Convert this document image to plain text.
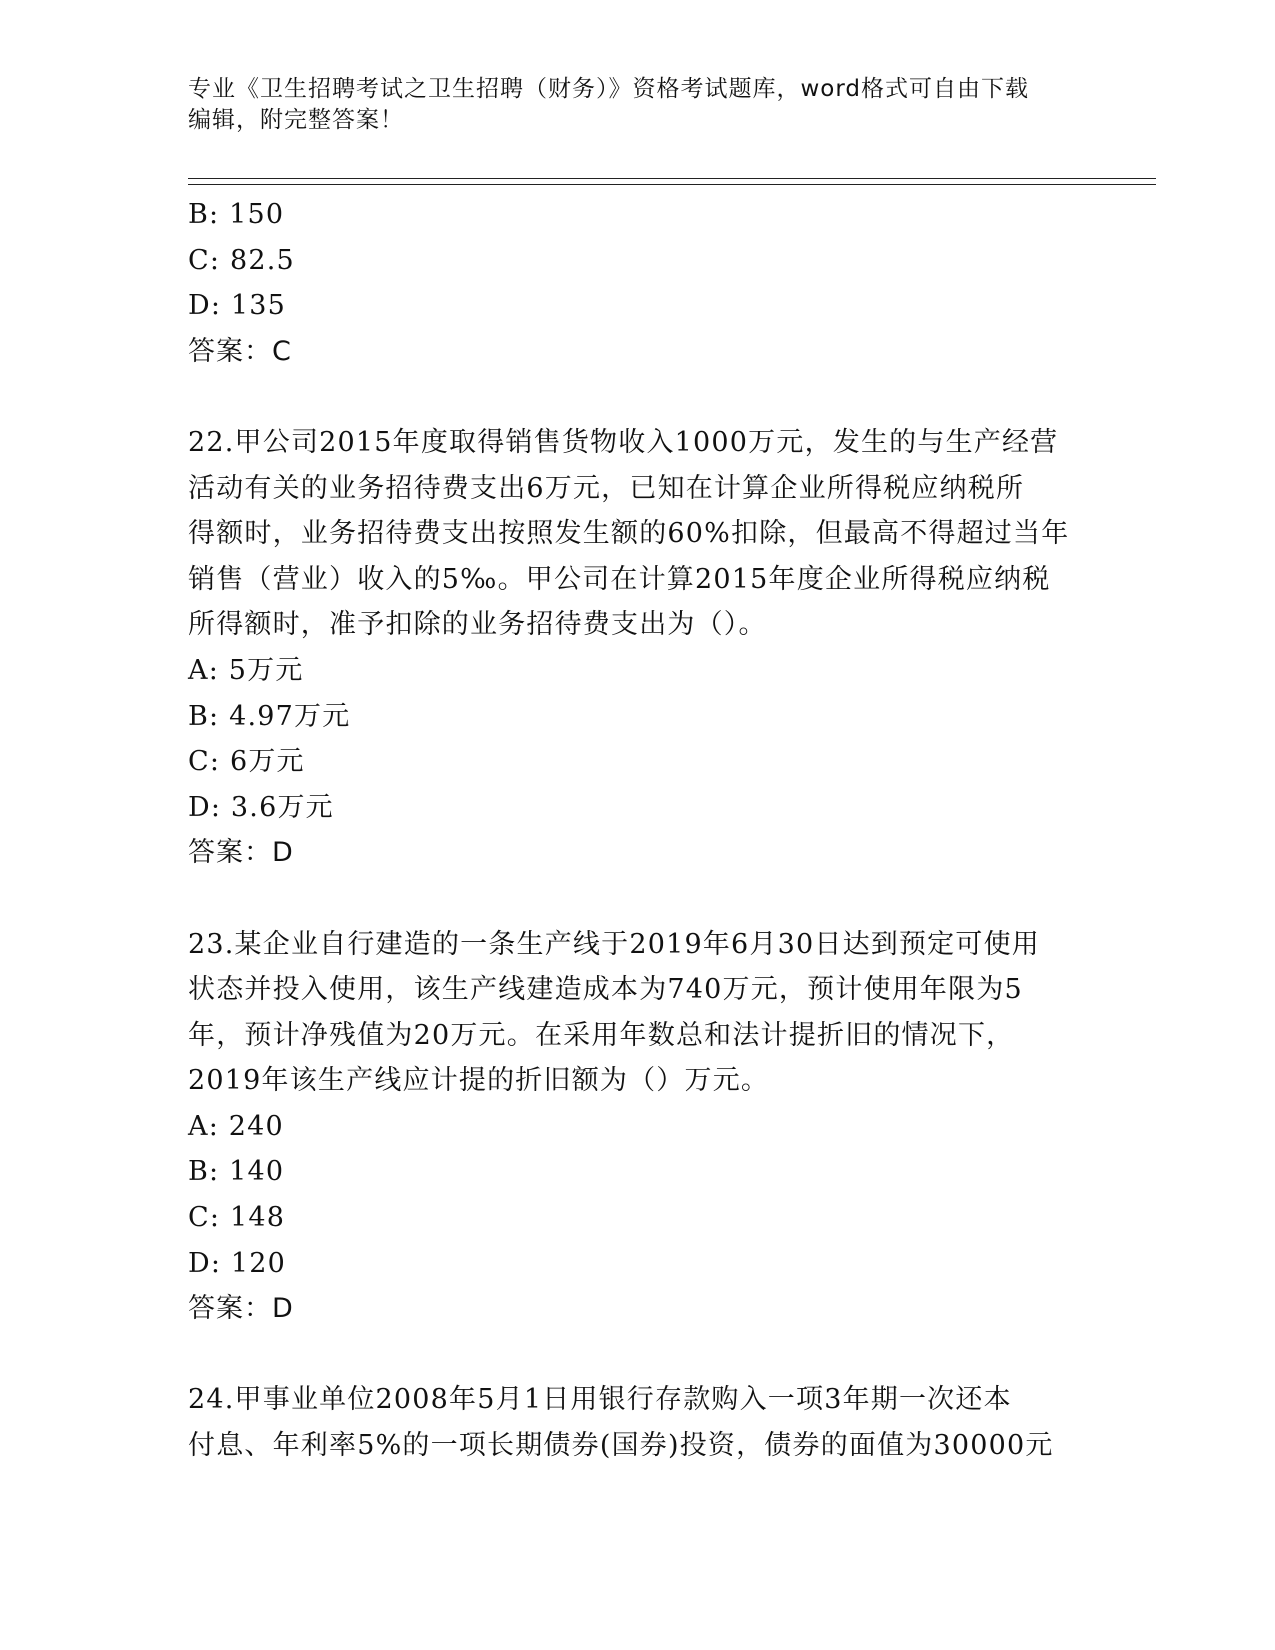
专业《卫生招聘考试之卫生招聘（财务）》资格考试题库，word格式可自由下载
编辑，附完整答案！
B: 150
C: 82.5
D: 135
答案：C
22.甲公司2015年度取得销售货物收入1000万元，发生的与生产经营
活动有关的业务招待费支出6万元，已知在计算企业所得税应纳税所
得额时，业务招待费支出按照发生额的60%扣除，但最高不得超过当年
销售（营业）收入的5‰。甲公司在计算2015年度企业所得税应纳税
所得额时，准予扣除的业务招待费支出为（）。
A: 5万元
B: 4.97万元
C: 6万元
D: 3.6万元
答案：D
23.某企业自行建造的一条生产线于2019年6月30日达到预定可使用
状态并投入使用，该生产线建造成本为740万元，预计使用年限为5
年，预计净残值为20万元。在采用年数总和法计提折旧的情况下，
2019年该生产线应计提的折旧额为（）万元。
A: 240
B: 140
C: 148
D: 120
答案：D
24.甲事业单位2008年5月1日用银行存款购入一项3年期一次还本
付息、年利率5%的一项长期债券(国券)投资，债券的面值为30000元
